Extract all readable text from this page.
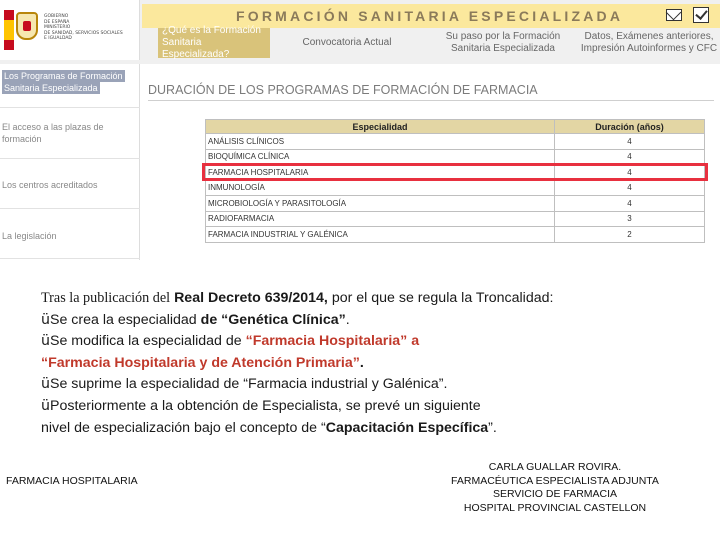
GOBIERNO
DE ESPAÑA
MINISTERIO
DE SANIDAD, SERVICIOS SOCIALES
E IGUALDAD
FORMACIÓN SANITARIA ESPECIALIZADA
¿Qué es la Formación
Sanitaria Especializada?
Convocatoria Actual
Su paso por la Formación
Sanitaria Especializada
Datos, Exámenes anteriores,
Impresión Autoinformes y CFC
Los Programas de Formación
Sanitaria Especializada
El acceso a las plazas de
formación
Los centros acreditados
La legislación
DURACIÓN DE LOS PROGRAMAS DE FORMACIÓN DE FARMACIA
Especialidad	Duración (años)
ANÁLISIS CLÍNICOS	4
BIOQUÍMICA CLÍNICA	4
FARMACIA HOSPITALARIA	4
INMUNOLOGÍA	4
MICROBIOLOGÍA Y PARASITOLOGÍA	4
RADIOFARMACIA	3
FARMACIA INDUSTRIAL Y GALÉNICA	2
Tras la publicación del Real Decreto 639/2014, por el que se regula la Troncalidad:
üSe crea la especialidad de “Genética Clínica”.
üSe modifica la especialidad de “Farmacia Hospitalaria” a
“Farmacia Hospitalaria y de Atención Primaria”.
üSe suprime la especialidad de “Farmacia industrial y Galénica”.
üPosteriormente a la obtención de Especialista, se prevé un siguiente
nivel de especialización bajo el concepto de “Capacitación Específica”.
FARMACIA HOSPITALARIA
CARLA GUALLAR ROVIRA.
FARMACÉUTICA ESPECIALISTA ADJUNTA
SERVICIO DE FARMACIA
HOSPITAL PROVINCIAL CASTELLON
